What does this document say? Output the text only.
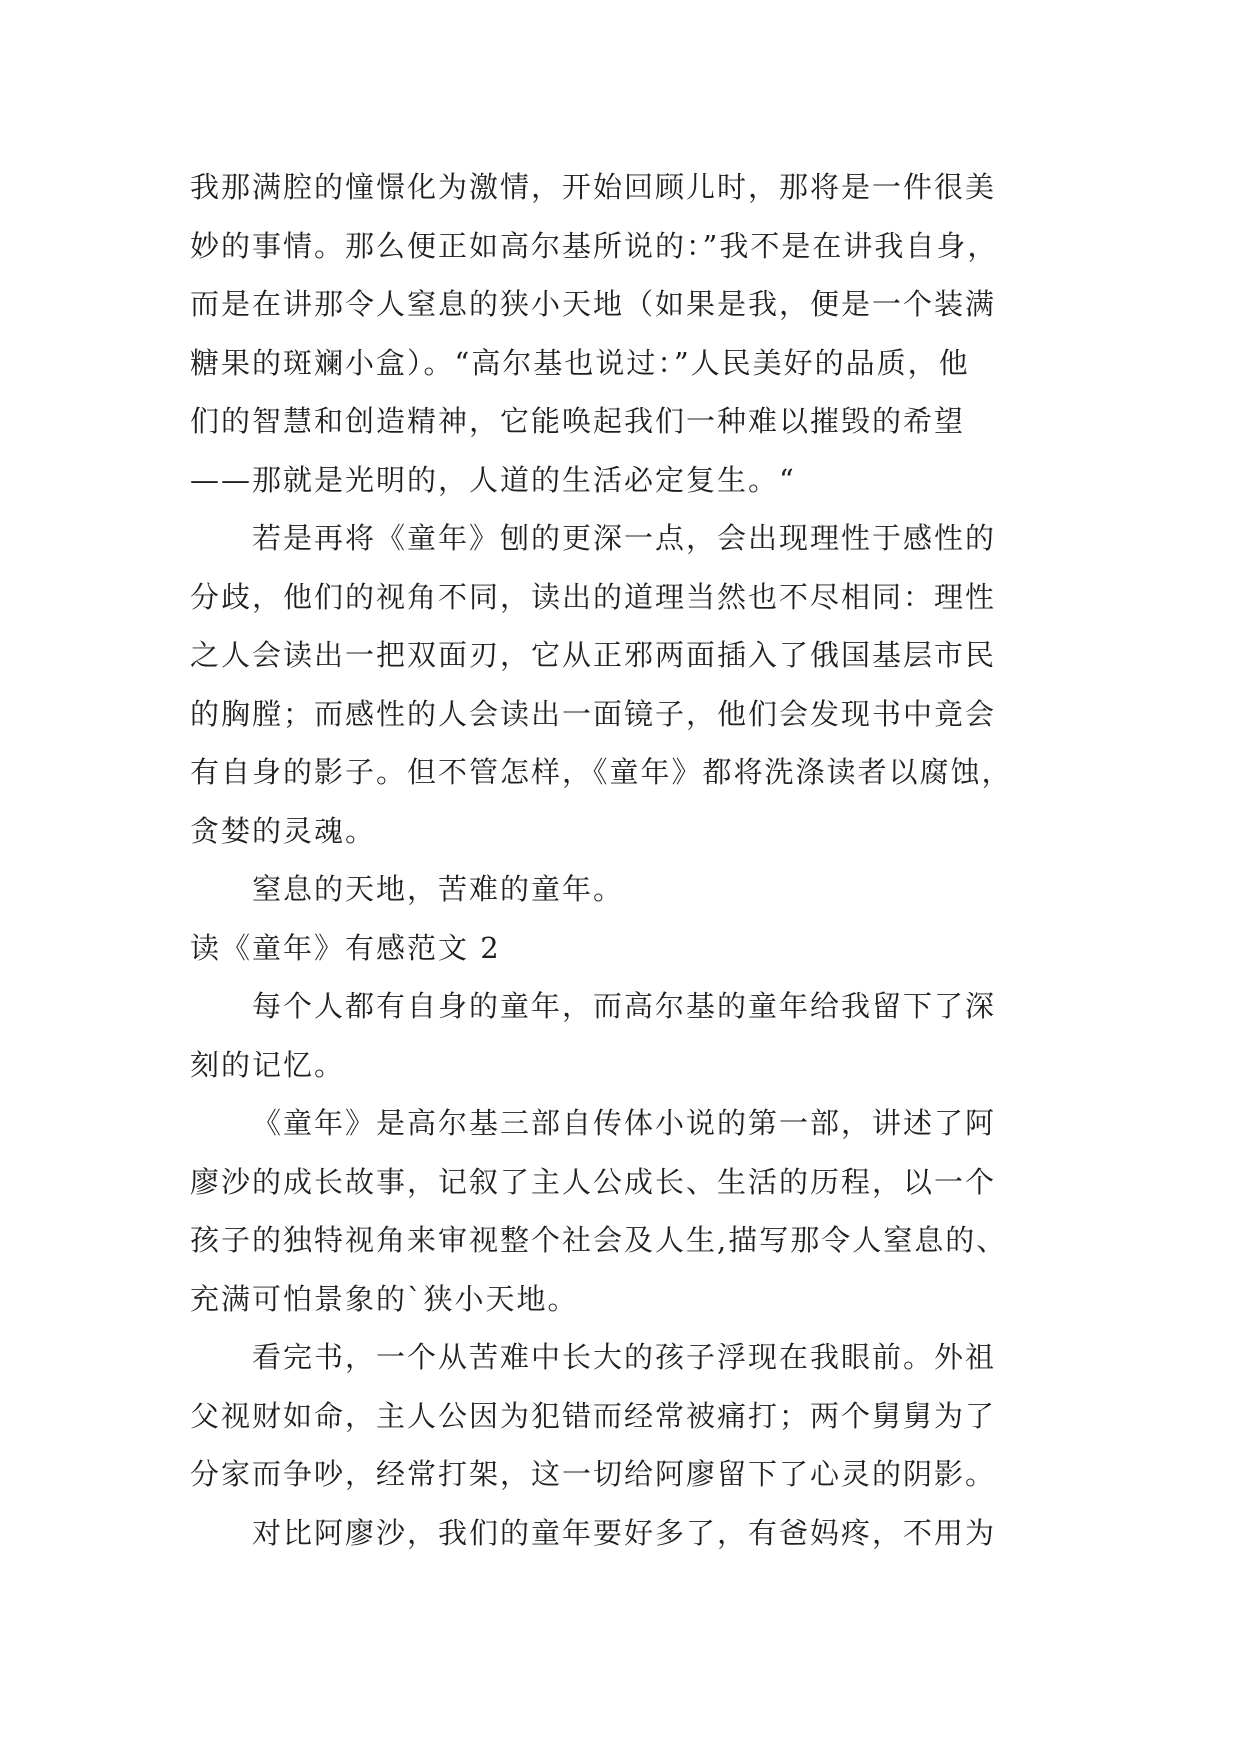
我那满腔的憧憬化为激情，开始回顾儿时，那将是一件很美
妙的事情。那么便正如高尔基所说的：”我不是在讲我自身，
而是在讲那令人窒息的狭小天地（如果是我，便是一个装满
糖果的斑斓小盒）。“高尔基也说过：”人民美好的品质，他
们的智慧和创造精神，它能唤起我们一种难以摧毁的希望
——那就是光明的，人道的生活必定复生。“
若是再将《童年》刨的更深一点，会出现理性于感性的
分歧，他们的视角不同，读出的道理当然也不尽相同：理性
之人会读出一把双面刃，它从正邪两面插入了俄国基层市民
的胸膛；而感性的人会读出一面镜子，他们会发现书中竟会
有自身的影子。但不管怎样，《童年》都将洗涤读者以腐蚀，
贪婪的灵魂。
窒息的天地，苦难的童年。
读《童年》有感范文 2
每个人都有自身的童年，而高尔基的童年给我留下了深
刻的记忆。
《童年》是高尔基三部自传体小说的第一部，讲述了阿
廖沙的成长故事，记叙了主人公成长、生活的历程，以一个
孩子的独特视角来审视整个社会及人生,描写那令人窒息的、
充满可怕景象的`狭小天地。
看完书，一个从苦难中长大的孩子浮现在我眼前。外祖
父视财如命，主人公因为犯错而经常被痛打；两个舅舅为了
分家而争吵，经常打架，这一切给阿廖留下了心灵的阴影。
对比阿廖沙，我们的童年要好多了，有爸妈疼，不用为
